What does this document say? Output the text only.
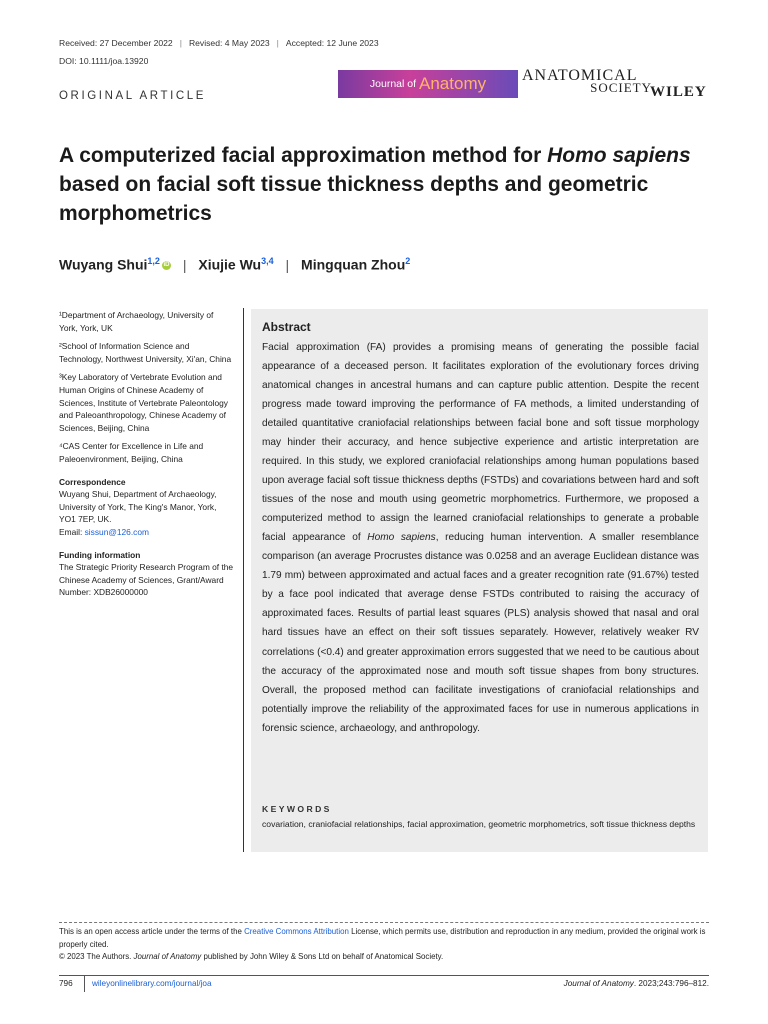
Received: 27 December 2022 | Revised: 4 May 2023 | Accepted: 12 June 2023
DOI: 10.1111/joa.13920
ORIGINAL ARTICLE
Journal of Anatomy ANATOMICAL
SOCIETY
WILEY
A computerized facial approximation method for Homo sapiens based on facial soft tissue thickness depths and geometric morphometrics
Wuyang Shui$^{1,2}$ iD | Xiujie Wu$^{3,4}$ | Mingquan Zhou$^2$

¹Department of Archaeology, University of York, York, UK

²School of Information Science and Technology, Northwest University, Xi'an, China

³Key Laboratory of Vertebrate Evolution and Human Origins of Chinese Academy of Sciences, Institute of Vertebrate Paleontology and Paleoanthropology, Chinese Academy of Sciences, Beijing, China

⁴CAS Center for Excellence in Life and Paleoenvironment, Beijing, China

Correspondence

Wuyang Shui, Department of Archaeology, University of York, The King's Manor, York, YO1 7EP, UK.

Email: sissun@126.com

Funding information

The Strategic Priority Research Program of the Chinese Academy of Sciences, Grant/Award Number: XDB26000000

Abstract
Facial approximation (FA) provides a promising means of generating the possible facial appearance of a deceased person. It facilitates exploration of the evolutionary forces driving anatomical changes in ancestral humans and can capture public attention. Despite the recent progress made toward improving the performance of FA methods, a limited understanding of detailed quantitative craniofacial relationships between facial bone and soft tissue morphology may hinder their accuracy, and hence subjective experience and artistic interpretation are required. In this study, we explored craniofacial relationships among human populations based upon average facial soft tissue thickness depths (FSTDs) and covariations between hard and soft tissues of the nose and mouth using geometric morphometrics. Furthermore, we proposed a computerized method to assign the learned craniofacial relationships to generate a probable facial appearance of Homo sapiens, reducing human intervention. A smaller resemblance comparison (an average Procrustes distance was 0.0258 and an average Euclidean distance was 1.79 mm) between approximated and actual faces and a greater recognition rate (91.67%) tested by a face pool indicated that average dense FSTDs contributed to raising the accuracy of approximated faces. Results of partial least squares (PLS) analysis showed that nasal and oral hard tissues have an effect on their soft tissues separately. However, relatively weaker RV correlations (<0.4) and greater approximation errors suggested that we need to be cautious about the accuracy of the approximated nose and mouth soft tissue shapes from bony structures. Overall, the proposed method can facilitate investigations of craniofacial relationships and potentially improve the reliability of the approximated faces for use in numerous applications in forensic science, archaeology, and anthropology.
KEYWORDS
covariation, craniofacial relationships, facial approximation, geometric morphometrics, soft tissue thickness depths
This is an open access article under the terms of the Creative Commons Attribution License, which permits use, distribution and reproduction in any medium, provided the original work is properly cited.
© 2023 The Authors. Journal of Anatomy published by John Wiley & Sons Ltd on behalf of Anatomical Society.
796 wileyonlinelibrary.com/journal/joa	Journal of Anatomy. 2023;243:796–812.
